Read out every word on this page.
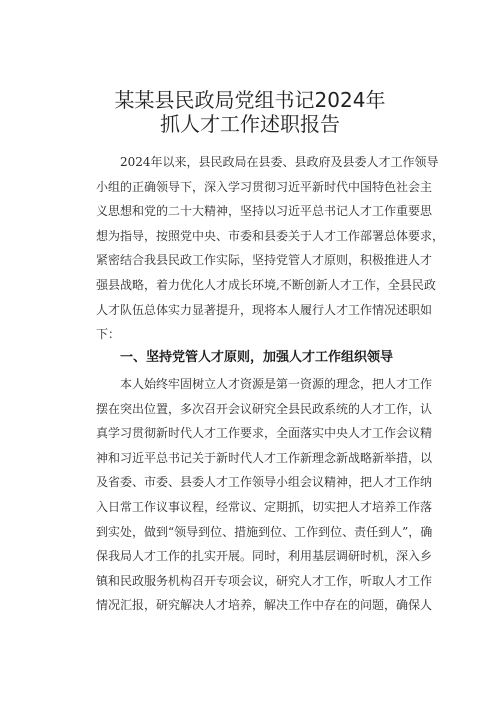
某某县民政局党组书记2024年
抓人才工作述职报告
2024年以来，县民政局在县委、县政府及县委人才工作领导
小组的正确领导下，深入学习贯彻习近平新时代中国特色社会主
义思想和党的二十大精神，坚持以习近平总书记人才工作重要思
想为指导，按照党中央、市委和县委关于人才工作部署总体要求，
紧密结合我县民政工作实际，坚持党管人才原则，积极推进人才
强县战略，着力优化人才成长环境,不断创新人才工作，全县民政
人才队伍总体实力显著提升，现将本人履行人才工作情况述职如
下：
一、坚持党管人才原则，加强人才工作组织领导
本人始终牢固树立人才资源是第一资源的理念，把人才工作
摆在突出位置，多次召开会议研究全县民政系统的人才工作，认
真学习贯彻新时代人才工作要求，全面落实中央人才工作会议精
神和习近平总书记关于新时代人才工作新理念新战略新举措，以
及省委、市委、县委人才工作领导小组会议精神，把人才工作纳
入日常工作议事议程，经常议、定期抓，切实把人才培养工作落
到实处，做到“领导到位、措施到位、工作到位、责任到人”，确
保我局人才工作的扎实开展。同时，利用基层调研时机，深入乡
镇和民政服务机构召开专项会议，研究人才工作，听取人才工作
情况汇报，研究解决人才培养，解决工作中存在的问题，确保人
